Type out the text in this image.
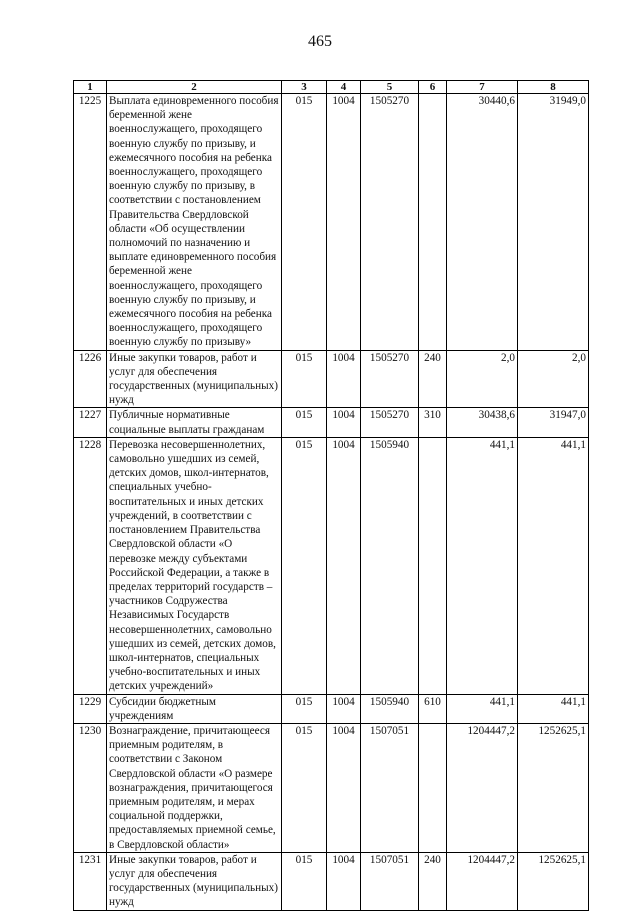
465
1	2	3	4	5	6	7	8
1225	Выплата единовременного пособия беременной жене военнослужащего, проходящего военную службу по призыву, и ежемесячного пособия на ребенка военнослужащего, проходящего военную службу по призыву, в соответствии с постановлением Правительства Свердловской области «Об осуществлении полномочий по назначению и выплате единовременного пособия беременной жене военнослужащего, проходящего военную службу по призыву, и ежемесячного пособия на ребенка военнослужащего, проходящего военную службу по призыву»	015	1004	1505270		30440,6	31949,0
1226	Иные закупки товаров, работ и услуг для обеспечения государственных (муниципальных) нужд	015	1004	1505270	240	2,0	2,0
1227	Публичные нормативные социальные выплаты гражданам	015	1004	1505270	310	30438,6	31947,0
1228	Перевозка несовершеннолетних, самовольно ушедших из семей, детских домов, школ-интернатов, специальных учебно-воспитательных и иных детских учреждений, в соответствии с постановлением Правительства Свердловской области «О перевозке между субъектами Российской Федерации, а также в пределах территорий государств – участников Содружества Независимых Государств несовершеннолетних, самовольно ушедших из семей, детских домов, школ-интернатов, специальных учебно-воспитательных и иных детских учреждений»	015	1004	1505940		441,1	441,1
1229	Субсидии бюджетным учреждениям	015	1004	1505940	610	441,1	441,1
1230	Вознаграждение, причитающееся приемным родителям, в соответствии с Законом Свердловской области «О размере вознаграждения, причитающегося приемным родителям, и мерах социальной поддержки, предоставляемых приемной семье, в Свердловской области»	015	1004	1507051		1204447,2	1252625,1
1231	Иные закупки товаров, работ и услуг для обеспечения государственных (муниципальных) нужд	015	1004	1507051	240	1204447,2	1252625,1
